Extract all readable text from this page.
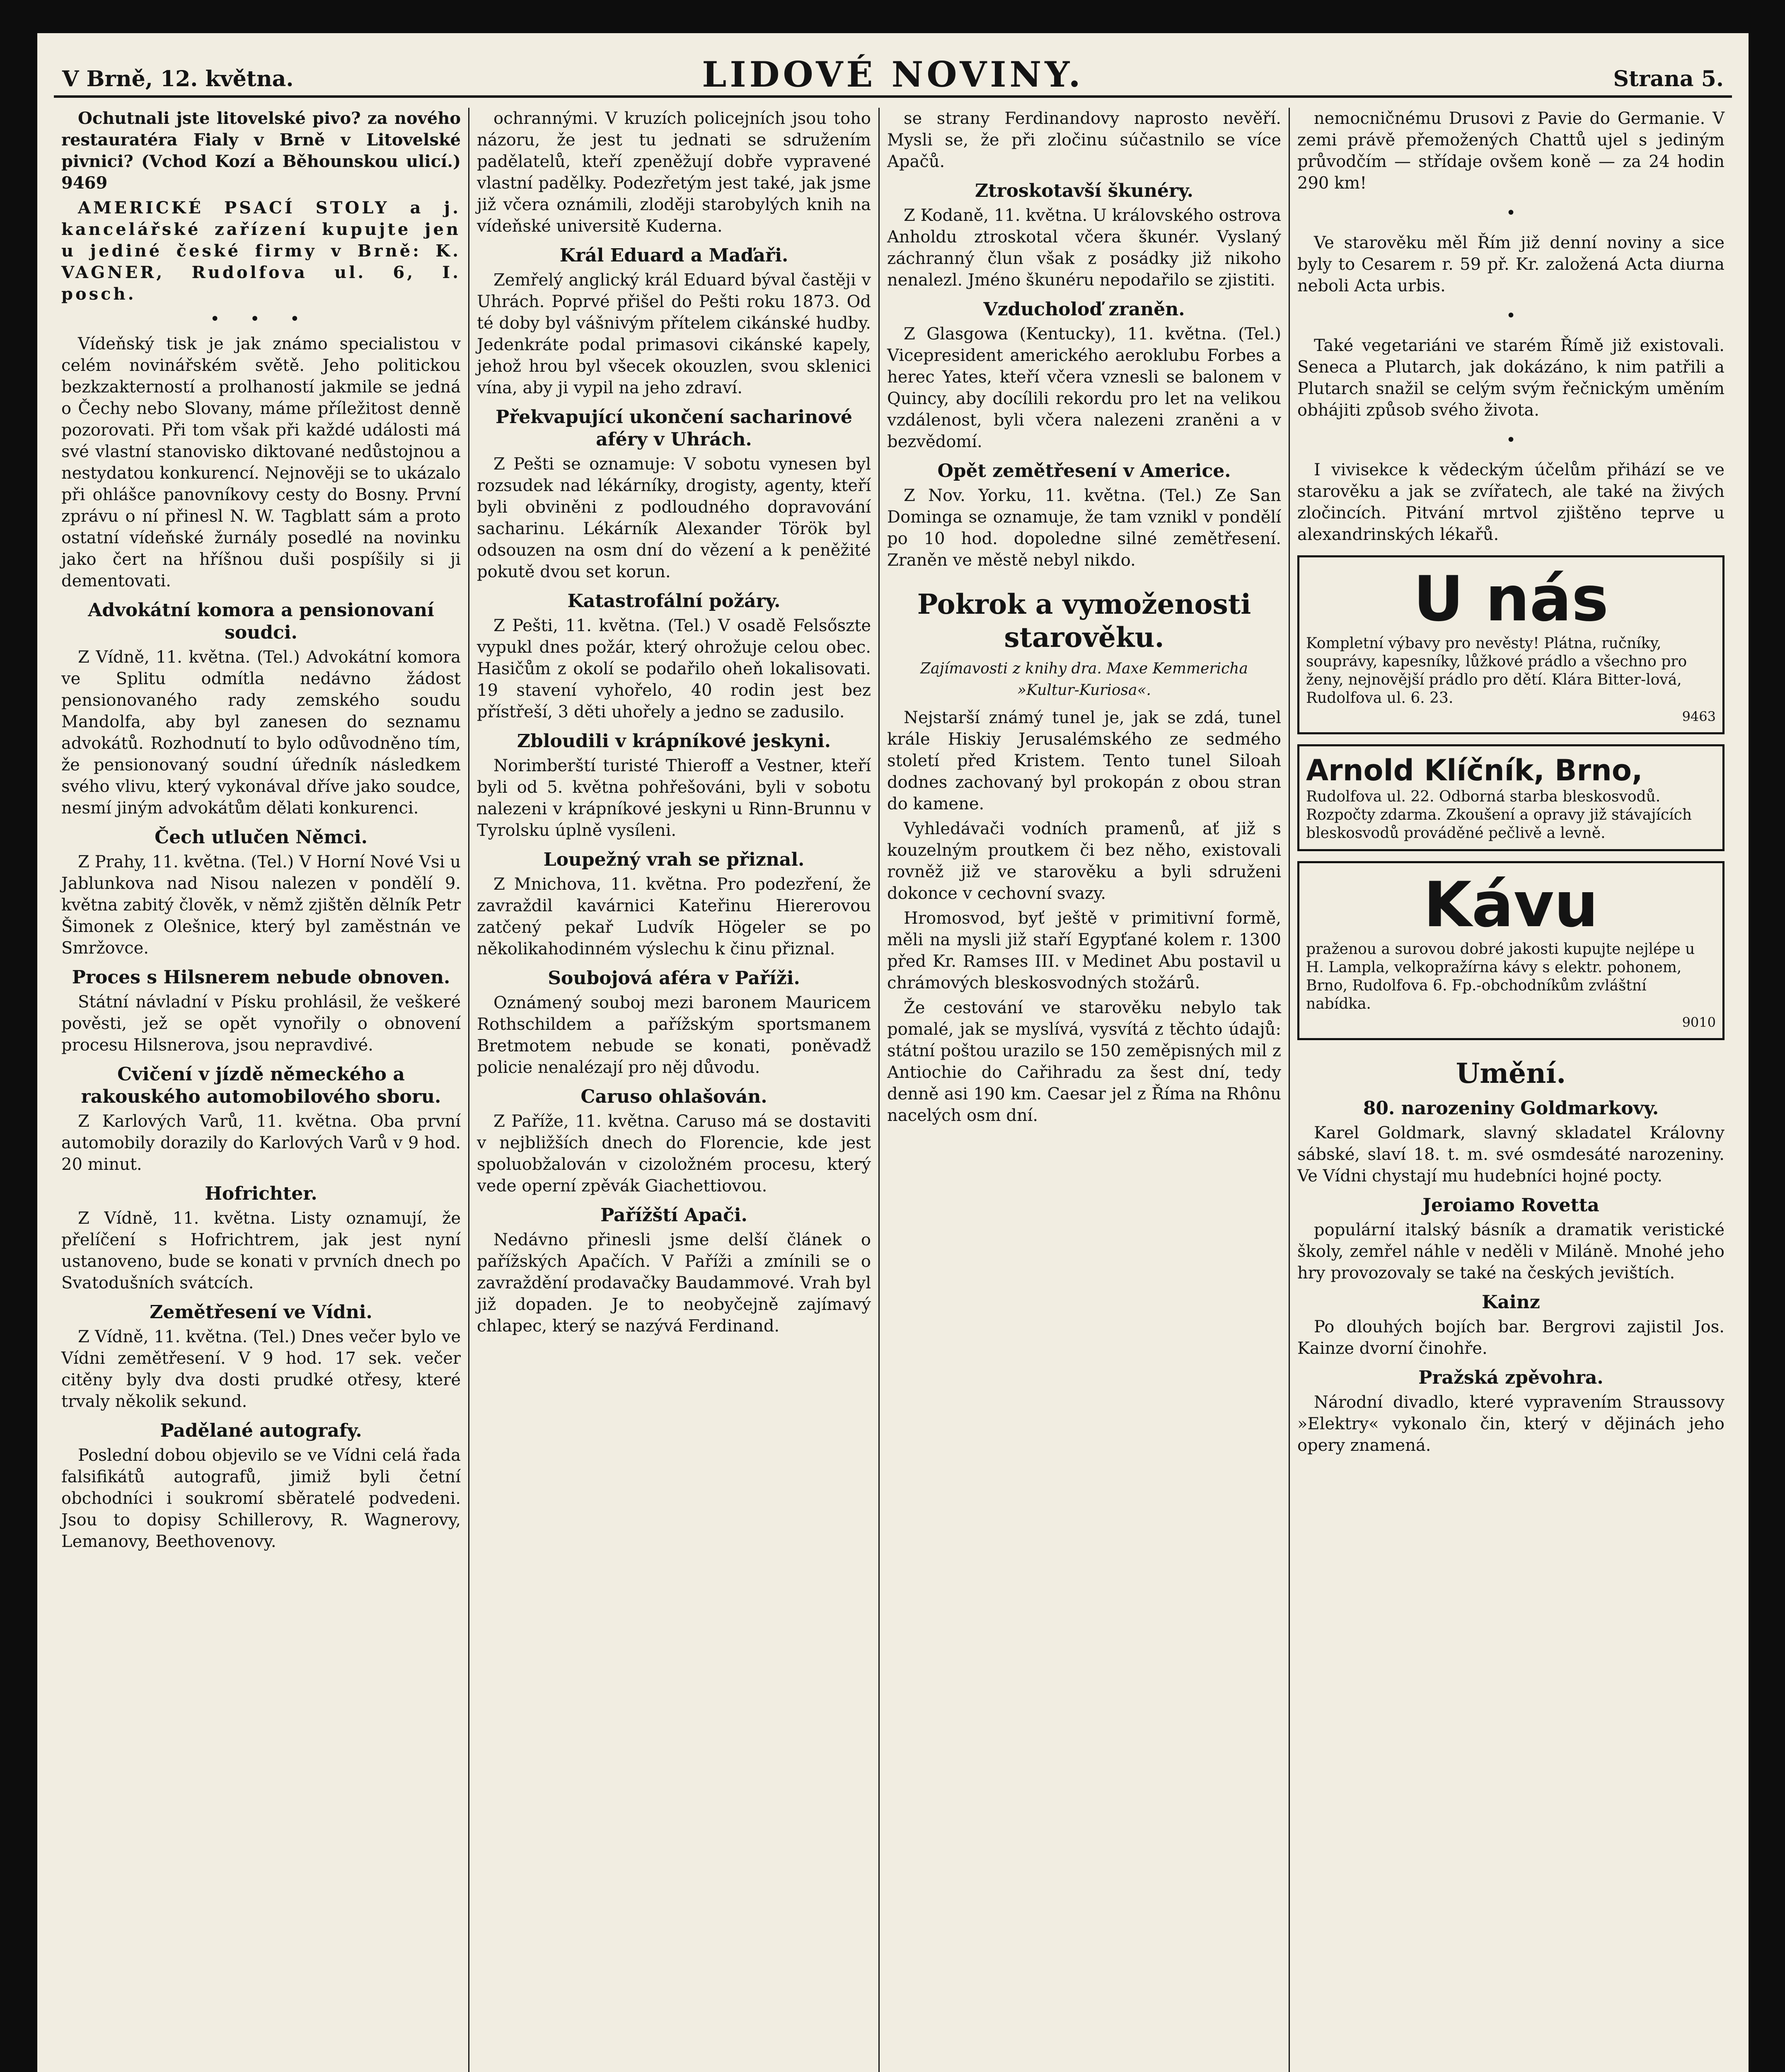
V Brně, 12. května.	LIDOVÉ NOVINY.	Strana 5.

Ochutnali jste litovelské pivo? za nového restauratéra Fialy v Brně v Litovelské pivnici? (Vchod Kozí a Běhounskou ulicí.) 9469

AMERICKÉ PSACÍ STOLY a j. kancelářské zařízení kupujte jen u jediné české firmy v Brně: K. VAGNER, Rudolfova ul. 6, I. posch.

• • •

Vídeňský tisk je jak známo specialistou v celém novinářském světě. Jeho politickou bezkzakterností a prolhaností jakmile se jedná o Čechy nebo Slovany, máme příležitost denně pozorovati. Při tom však při každé události má své vlastní stanovisko diktované nedůstojnou a nestydatou konkurencí. Nejnověji se to ukázalo při ohlášce panovníkovy cesty do Bosny. První zprávu o ní přinesl N. W. Tagblatt sám a proto ostatní vídeňské žurnály posedlé na novinku jako čert na hříšnou duši pospíšily si ji dementovati.

Advokátní komora a pensionovaní soudci.

Z Vídně, 11. května. (Tel.) Advokátní komora ve Splitu odmítla nedávno žádost pensionovaného rady zemského soudu Mandolfa, aby byl zanesen do seznamu advokátů. Rozhodnutí to bylo odůvodněno tím, že pensionovaný soudní úředník následkem svého vlivu, který vykonával dříve jako soudce, nesmí jiným advokátům dělati konkurenci.

Čech utlučen Němci.

Z Prahy, 11. května. (Tel.) V Horní Nové Vsi u Jablunkova nad Nisou nalezen v pondělí 9. května zabitý člověk, v němž zjištěn dělník Petr Šimonek z Olešnice, který byl zaměstnán ve Smržovce.

Proces s Hilsnerem nebude obnoven.

Státní návladní v Písku prohlásil, že veškeré pověsti, jež se opět vynořily o obnovení procesu Hilsnerova, jsou nepravdivé.

Cvičení v jízdě německého a rakouského automobilového sboru.

Z Karlových Varů, 11. května. Oba první automobily dorazily do Karlových Varů v 9 hod. 20 minut.

Hofrichter.

Z Vídně, 11. května. Listy oznamují, že přelíčení s Hofrichtrem, jak jest nyní ustanoveno, bude se konati v prvních dnech po Svatodušních svátcích.

Zemětřesení ve Vídni.

Z Vídně, 11. května. (Tel.) Dnes večer bylo ve Vídni zemětřesení. V 9 hod. 17 sek. večer citěny byly dva dosti prudké otřesy, které trvaly několik sekund.

Padělané autografy.

Poslední dobou objevilo se ve Vídni celá řada falsifikátů autografů, jimiž byli četní obchodníci i soukromí sběratelé podvedeni. Jsou to dopisy Schillerovy, R. Wagnerovy, Lemanovy, Beethovenovy.

ochrannými. V kruzích policejních jsou toho názoru, že jest tu jednati se sdružením padělatelů, kteří zpeněžují dobře vypravené vlastní padělky. Podezřetým jest také, jak jsme již včera oznámili, zloději starobylých knih na vídeňské universitě Kuderna.

Král Eduard a Maďaři.

Zemřelý anglický král Eduard býval častěji v Uhrách. Poprvé přišel do Pešti roku 1873. Od té doby byl vášnivým přítelem cikánské hudby. Jedenkráte podal primasovi cikánské kapely, jehož hrou byl všecek okouzlen, svou sklenici vína, aby ji vypil na jeho zdraví.

Překvapující ukončení sacharinové aféry v Uhrách.

Z Pešti se oznamuje: V sobotu vynesen byl rozsudek nad lékárníky, drogisty, agenty, kteří byli obviněni z podloudného dopravování sacharinu. Lékárník Alexander Török byl odsouzen na osm dní do vězení a k peněžité pokutě dvou set korun.

Katastrofální požáry.

Z Pešti, 11. května. (Tel.) V osadě Felsőszte vypukl dnes požár, který ohrožuje celou obec. Hasičům z okolí se podařilo oheň lokalisovati. 19 stavení vyhořelo, 40 rodin jest bez přístřeší, 3 děti uhořely a jedno se zadusilo.

Zbloudili v krápníkové jeskyni.

Norimberští turisté Thieroff a Vestner, kteří byli od 5. května pohřešováni, byli v sobotu nalezeni v krápníkové jeskyni u Rinn-Brunnu v Tyrolsku úplně vysíleni.

Loupežný vrah se přiznal.

Z Mnichova, 11. května. Pro podezření, že zavraždil kavárnici Kateřinu Hiererovou zatčený pekař Ludvík Högeler se po několikahodinném výslechu k činu přiznal.

Soubojová aféra v Paříži.

Oznámený souboj mezi baronem Mauricem Rothschildem a pařížským sportsmanem Bretmotem nebude se konati, poněvadž policie nenalézají pro něj důvodu.

Caruso ohlašován.

Z Paříže, 11. května. Caruso má se dostaviti v nejbližších dnech do Florencie, kde jest spoluobžalován v cizoložném procesu, který vede operní zpěvák Giachettiovou.

Pařížští Apači.

Nedávno přinesli jsme delší článek o pařížských Apačích. V Paříži a zmínili se o zavraždění prodavačky Baudammové. Vrah byl již dopaden. Je to neobyčejně zajímavý chlapec, který se nazývá Ferdinand.

se strany Ferdinandovy naprosto nevěří. Mysli se, že při zločinu súčastnilo se více Apačů.

Ztroskotavší škunéry.

Z Kodaně, 11. května. U královského ostrova Anholdu ztroskotal včera škunér. Vyslaný záchranný člun však z posádky již nikoho nenalezl. Jméno škunéru nepodařilo se zjistiti.

Vzducholoď zraněn.

Z Glasgowa (Kentucky), 11. května. (Tel.) Vicepresident amerického aeroklubu Forbes a herec Yates, kteří včera vznesli se balonem v Quincy, aby docílili rekordu pro let na velikou vzdálenost, byli včera nalezeni zraněni a v bezvědomí.

Opět zemětřesení v Americe.

Z Nov. Yorku, 11. května. (Tel.) Ze San Dominga se oznamuje, že tam vznikl v pondělí po 10 hod. dopoledne silné zemětřesení. Zraněn ve městě nebyl nikdo.

Pokrok a vymoženosti starověku.
Zajímavosti z knihy dra. Maxe Kemmericha »Kultur-Kuriosa«.

Nejstarší známý tunel je, jak se zdá, tunel krále Hiskiy Jerusalémského ze sedmého století před Kristem. Tento tunel Siloah dodnes zachovaný byl prokopán z obou stran do kamene.

Vyhledávači vodních pramenů, ať již s kouzelným proutkem či bez něho, existovali rovněž již ve starověku a byli sdruženi dokonce v cechovní svazy.

Hromosvod, byť ještě v primitivní formě, měli na mysli již staří Egypťané kolem r. 1300 před Kr. Ramses III. v Medinet Abu postavil u chrámových bleskosvodných stožárů.

Že cestování ve starověku nebylo tak pomalé, jak se myslívá, vysvítá z těchto údajů: státní poštou urazilo se 150 zeměpisných mil z Antiochie do Cařihradu za šest dní, tedy denně asi 190 km. Caesar jel z Říma na Rhônu nacelých osm dní.

nemocničnému Drusovi z Pavie do Germanie. V zemi právě přemožených Chattů ujel s jediným průvodčím — střídaje ovšem koně — za 24 hodin 290 km!

•

Ve starověku měl Řím již denní noviny a sice byly to Cesarem r. 59 př. Kr. založená Acta diurna neboli Acta urbis.

•

Také vegetariáni ve starém Římě již existovali. Seneca a Plutarch, jak dokázáno, k nim patřili a Plutarch snažil se celým svým řečnickým uměním obhájiti způsob svého života.

•

I vivisekce k vědeckým účelům přihází se ve starověku a jak se zvířatech, ale také na živých zločincích. Pitvání mrtvol zjištěno teprve u alexandrinských lékařů.

U nás
Kompletní výbavy pro nevěsty! Plátna, ručníky, souprávy, kapesníky, lůžkové prádlo a všechno pro ženy, nejnovější prádlo pro dětí. Klára Bitter-lová, Rudolfova ul. 6. 23.
9463
Arnold Klíčník, Brno,
Rudolfova ul. 22. Odborná starba bleskosvodů. Rozpočty zdarma. Zkoušení a opravy již stávajících bleskosvodů prováděné pečlivě a levně.
Kávu
praženou a surovou dobré jakosti kupujte nejlépe u H. Lampla, velkopražírna kávy s elektr. pohonem, Brno, Rudolfova 6. Fp.-obchodníkům zvláštní nabídka.
9010
Umění.
80. narozeniny Goldmarkovy.

Karel Goldmark, slavný skladatel Královny sábské, slaví 18. t. m. své osmdesáté narozeniny. Ve Vídni chystají mu hudebníci hojné pocty.

Jeroiamo Rovetta

populární italský básník a dramatik veristické školy, zemřel náhle v neděli v Miláně. Mnohé jeho hry provozovaly se také na českých jevištích.

Kainz

Po dlouhých bojích bar. Bergrovi zajistil Jos. Kainze dvorní činohře.

Pražská zpěvohra.

Národní divadlo, které vypravením Straussovy »Elektry« vykonalo čin, který v dějinách jeho opery znamená.
